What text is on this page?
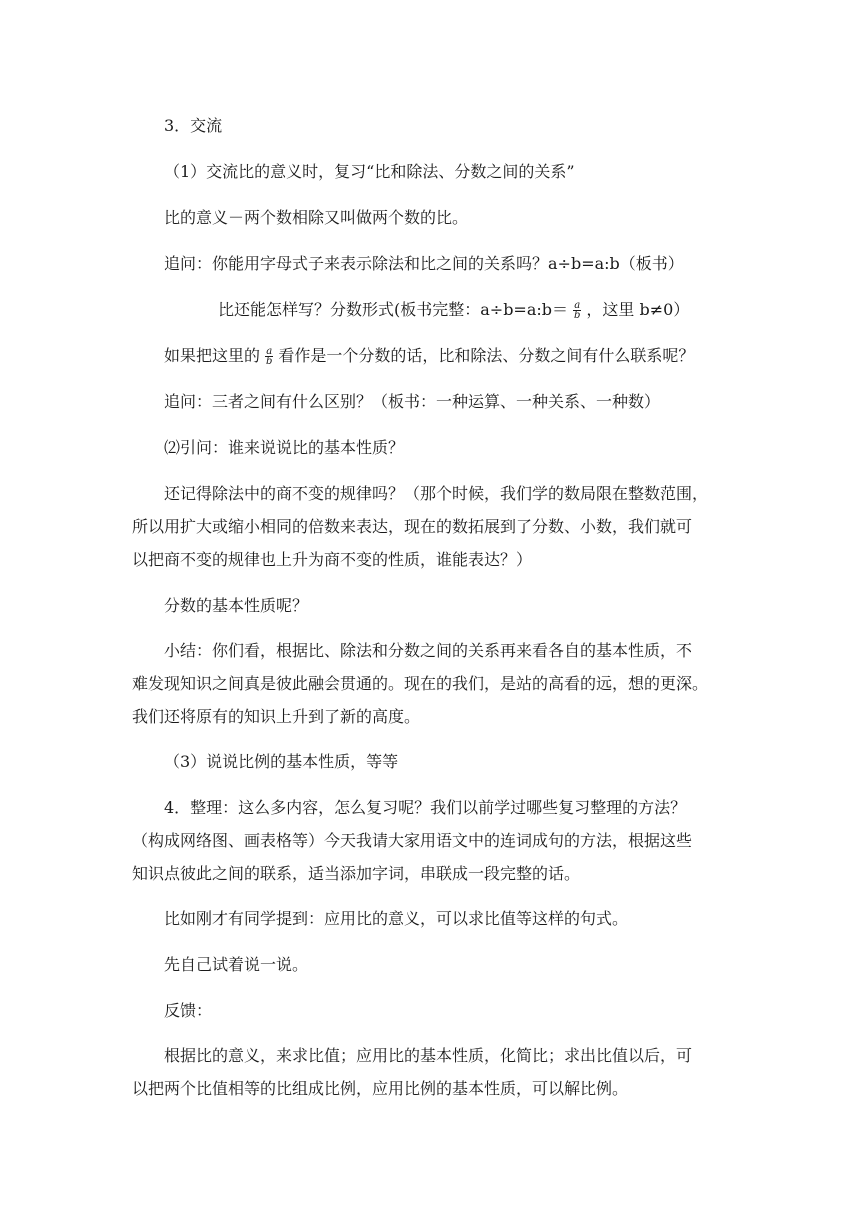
3．交流
（1）交流比的意义时，复习“比和除法、分数之间的关系”
比的意义－两个数相除又叫做两个数的比。
追问：你能用字母式子来表示除法和比之间的关系吗？a÷b=a:b（板书）
比还能怎样写？分数形式(板书完整：a÷b=a:b＝ $\frac{a}{b}$ ，这里 b≠0）
如果把这里的 $\frac{a}{b}$ 看作是一个分数的话，比和除法、分数之间有什么联系呢？
追问：三者之间有什么区别？（板书：一种运算、一种关系、一种数）
⑵引问：谁来说说比的基本性质？
还记得除法中的商不变的规律吗？（那个时候，我们学的数局限在整数范围，
所以用扩大或缩小相同的倍数来表达，现在的数拓展到了分数、小数，我们就可
以把商不变的规律也上升为商不变的性质，谁能表达？）
分数的基本性质呢？
小结：你们看，根据比、除法和分数之间的关系再来看各自的基本性质，不
难发现知识之间真是彼此融会贯通的。现在的我们，是站的高看的远，想的更深。
我们还将原有的知识上升到了新的高度。
（3）说说比例的基本性质，等等
4．整理：这么多内容，怎么复习呢？我们以前学过哪些复习整理的方法？
（构成网络图、画表格等）今天我请大家用语文中的连词成句的方法，根据这些
知识点彼此之间的联系，适当添加字词，串联成一段完整的话。
比如刚才有同学提到：应用比的意义，可以求比值等这样的句式。
先自己试着说一说。
反馈：
根据比的意义，来求比值；应用比的基本性质，化简比；求出比值以后，可
以把两个比值相等的比组成比例，应用比例的基本性质，可以解比例。
